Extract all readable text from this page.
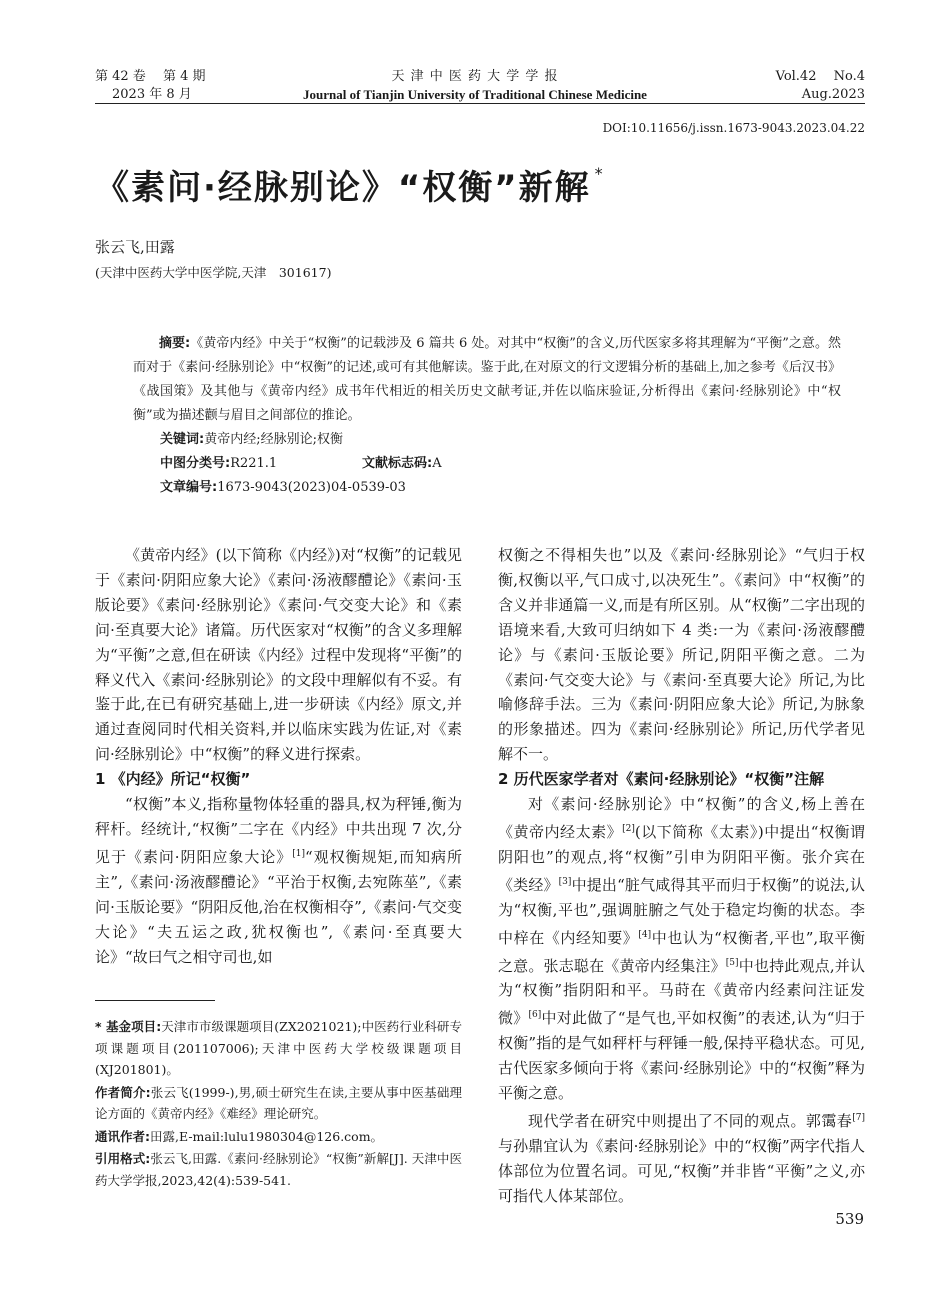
第 42 卷　 第 4 期
2023 年 8 月
天 津 中 医 药 大 学 学 报
Journal of Tianjin University of Traditional Chinese Medicine
Vol.42　 No.4
Aug.2023
DOI:10.11656/j.issn.1673-9043.2023.04.22
《素问·经脉别论》“权衡”新解 *
张云飞,田露
(天津中医药大学中医学院,天津　301617)
摘要:《黄帝内经》中关于“权衡”的记载涉及 6 篇共 6 处。对其中“权衡”的含义,历代医家多将其理解为“平衡”之意。然而对于《素问·经脉别论》中“权衡”的记述,或可有其他解读。鉴于此,在对原文的行文逻辑分析的基础上,加之参考《后汉书》《战国策》及其他与《黄帝内经》成书年代相近的相关历史文献考证,并佐以临床验证,分析得出《素问·经脉别论》中“权衡”或为描述颧与眉目之间部位的推论。
关键词:黄帝内经;经脉别论;权衡
中图分类号:R221.1	文献标志码:A
文章编号:1673-9043(2023)04-0539-03

《黄帝内经》(以下简称《内经》)对“权衡”的记载见于《素问·阴阳应象大论》《素问·汤液醪醴论》《素问·玉版论要》《素问·经脉别论》《素问·气交变大论》和《素问·至真要大论》诸篇。历代医家对“权衡”的含义多理解为“平衡”之意,但在研读《内经》过程中发现将“平衡”的释义代入《素问·经脉别论》的文段中理解似有不妥。有鉴于此,在已有研究基础上,进一步研读《内经》原文,并通过查阅同时代相关资料,并以临床实践为佐证,对《素问·经脉别论》中“权衡”的释义进行探索。

1 《内经》所记“权衡”

“权衡”本义,指称量物体轻重的器具,权为秤锤,衡为秤杆。经统计,“权衡”二字在《内经》中共出现 7 次,分见于《素问·阴阳应象大论》[1]“观权衡规矩,而知病所主”,《素问·汤液醪醴论》“平治于权衡,去宛陈莝”,《素问·玉版论要》“阴阳反他,治在权衡相夺”,《素问·气交变大论》“夫五运之政,犹权衡也”,《素问·至真要大论》“故曰气之相守司也,如

* 基金项目:天津市市级课题项目(ZX2021021);中医药行业科研专项课题项目(201107006);天津中医药大学校级课题项目(XJ201801)。
作者简介:张云飞(1999-),男,硕士研究生在读,主要从事中医基础理论方面的《黄帝内经》《难经》理论研究。
通讯作者:田露,E-mail:lulu1980304@126.com。
引用格式:张云飞,田露.《素问·经脉别论》“权衡”新解[J]. 天津中医药大学学报,2023,42(4):539-541.

权衡之不得相失也”以及《素问·经脉别论》“气归于权衡,权衡以平,气口成寸,以决死生”。《素问》中“权衡”的含义并非通篇一义,而是有所区别。从“权衡”二字出现的语境来看,大致可归纳如下 4 类:一为《素问·汤液醪醴论》与《素问·玉版论要》所记,阴阳平衡之意。二为《素问·气交变大论》与《素问·至真要大论》所记,为比喻修辞手法。三为《素问·阴阳应象大论》所记,为脉象的形象描述。四为《素问·经脉别论》所记,历代学者见解不一。

2 历代医家学者对《素问·经脉别论》“权衡”注解

对《素问·经脉别论》中“权衡”的含义,杨上善在《黄帝内经太素》[2](以下简称《太素》)中提出“权衡谓阴阳也”的观点,将“权衡”引申为阴阳平衡。张介宾在《类经》[3]中提出“脏气咸得其平而归于权衡”的说法,认为“权衡,平也”,强调脏腑之气处于稳定均衡的状态。李中梓在《内经知要》[4]中也认为“权衡者,平也”,取平衡之意。张志聪在《黄帝内经集注》[5]中也持此观点,并认为“权衡”指阴阳和平。马莳在《黄帝内经素问注证发微》[6]中对此做了“是气也,平如权衡”的表述,认为“归于权衡”指的是气如秤杆与秤锤一般,保持平稳状态。可见,古代医家多倾向于将《素问·经脉别论》中的“权衡”释为平衡之意。

现代学者在研究中则提出了不同的观点。郭霭春[7]与孙鼎宜认为《素问·经脉别论》中的“权衡”两字代指人体部位为位置名词。可见,“权衡”并非皆“平衡”之义,亦可指代人体某部位。

539
